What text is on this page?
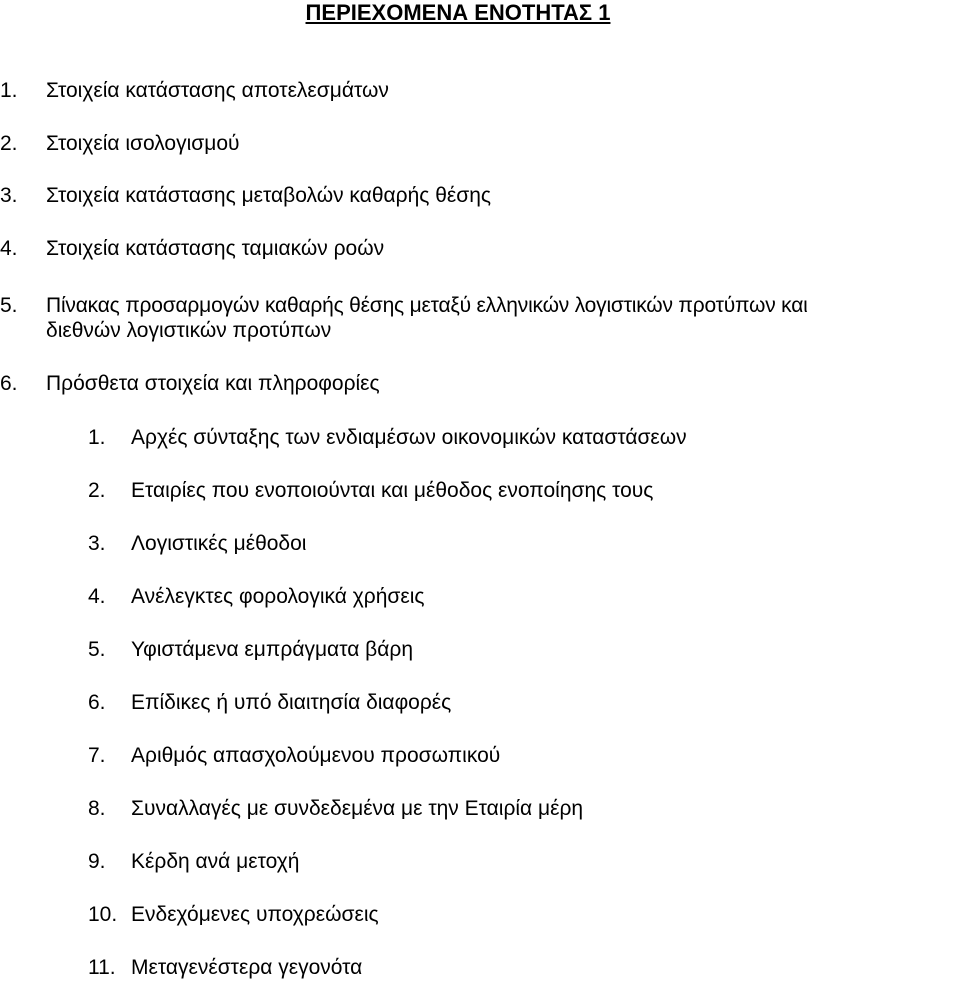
ΠΕΡΙΕΧΟΜΕΝΑ ΕΝΟΤΗΤΑΣ 1
1. Στοιχεία κατάστασης αποτελεσμάτων
2. Στοιχεία ισολογισμού
3. Στοιχεία κατάστασης μεταβολών καθαρής θέσης
4. Στοιχεία κατάστασης ταμιακών ροών
5. Πίνακας προσαρμογών καθαρής θέσης μεταξύ ελληνικών λογιστικών προτύπων και
διεθνών λογιστικών προτύπων
6. Πρόσθετα στοιχεία και πληροφορίες
1. Αρχές σύνταξης των ενδιαμέσων οικονομικών καταστάσεων
2. Εταιρίες που ενοποιούνται και μέθοδος ενοποίησης τους
3. Λογιστικές μέθοδοι
4. Ανέλεγκτες φορολογικά χρήσεις
5. Υφιστάμενα εμπράγματα βάρη
6. Επίδικες ή υπό διαιτησία διαφορές
7. Αριθμός απασχολούμενου προσωπικού
8. Συναλλαγές με συνδεδεμένα με την Εταιρία μέρη
9. Κέρδη ανά μετοχή
10. Ενδεχόμενες υποχρεώσεις
11. Μεταγενέστερα γεγονότα
